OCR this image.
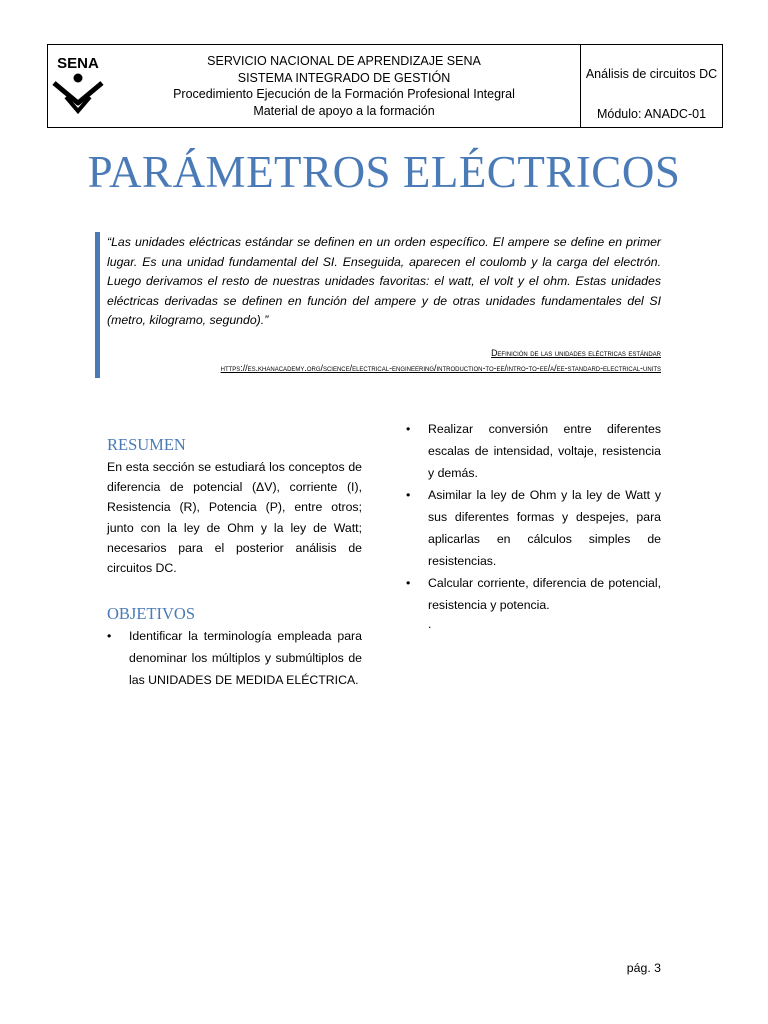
SENA	SERVICIO NACIONAL DE APRENDIZAJE SENA
SISTEMA INTEGRADO DE GESTIÓN
Procedimiento Ejecución de la Formación Profesional Integral
Material de apoyo a la formación
Análisis de circuitos DC
Módulo: ANADC-01
PARÁMETROS ELÉCTRICOS
“Las unidades eléctricas estándar se definen en un orden específico. El ampere se define en primer lugar. Es una unidad fundamental del SI. Enseguida, aparecen el coulomb y la carga del electrón. Luego derivamos el resto de nuestras unidades favoritas: el watt, el volt y el ohm. Estas unidades eléctricas derivadas se definen en función del ampere y de otras unidades fundamentales del SI (metro, kilogramo, segundo).”
Definición de las unidades eléctricas estándar
https://es.khanacademy.org/science/electrical-engineering/introduction-to-ee/intro-to-ee/a/ee-standard-electrical-units
RESUMEN
En esta sección se estudiará los conceptos de diferencia de potencial (ΔV), corriente (I), Resistencia (R), Potencia (P), entre otros; junto con la ley de Ohm y la ley de Watt; necesarios para el posterior análisis de circuitos DC.
OBJETIVOS
• Identificar la terminología empleada para denominar los múltiplos y submúltiplos de las UNIDADES DE MEDIDA ELÉCTRICA.
• Realizar conversión entre diferentes escalas de intensidad, voltaje, resistencia y demás.
• Asimilar la ley de Ohm y la ley de Watt y sus diferentes formas y despejes, para aplicarlas en cálculos simples de resistencias.
• Calcular corriente, diferencia de potencial, resistencia y potencia.
.
pág. 3
